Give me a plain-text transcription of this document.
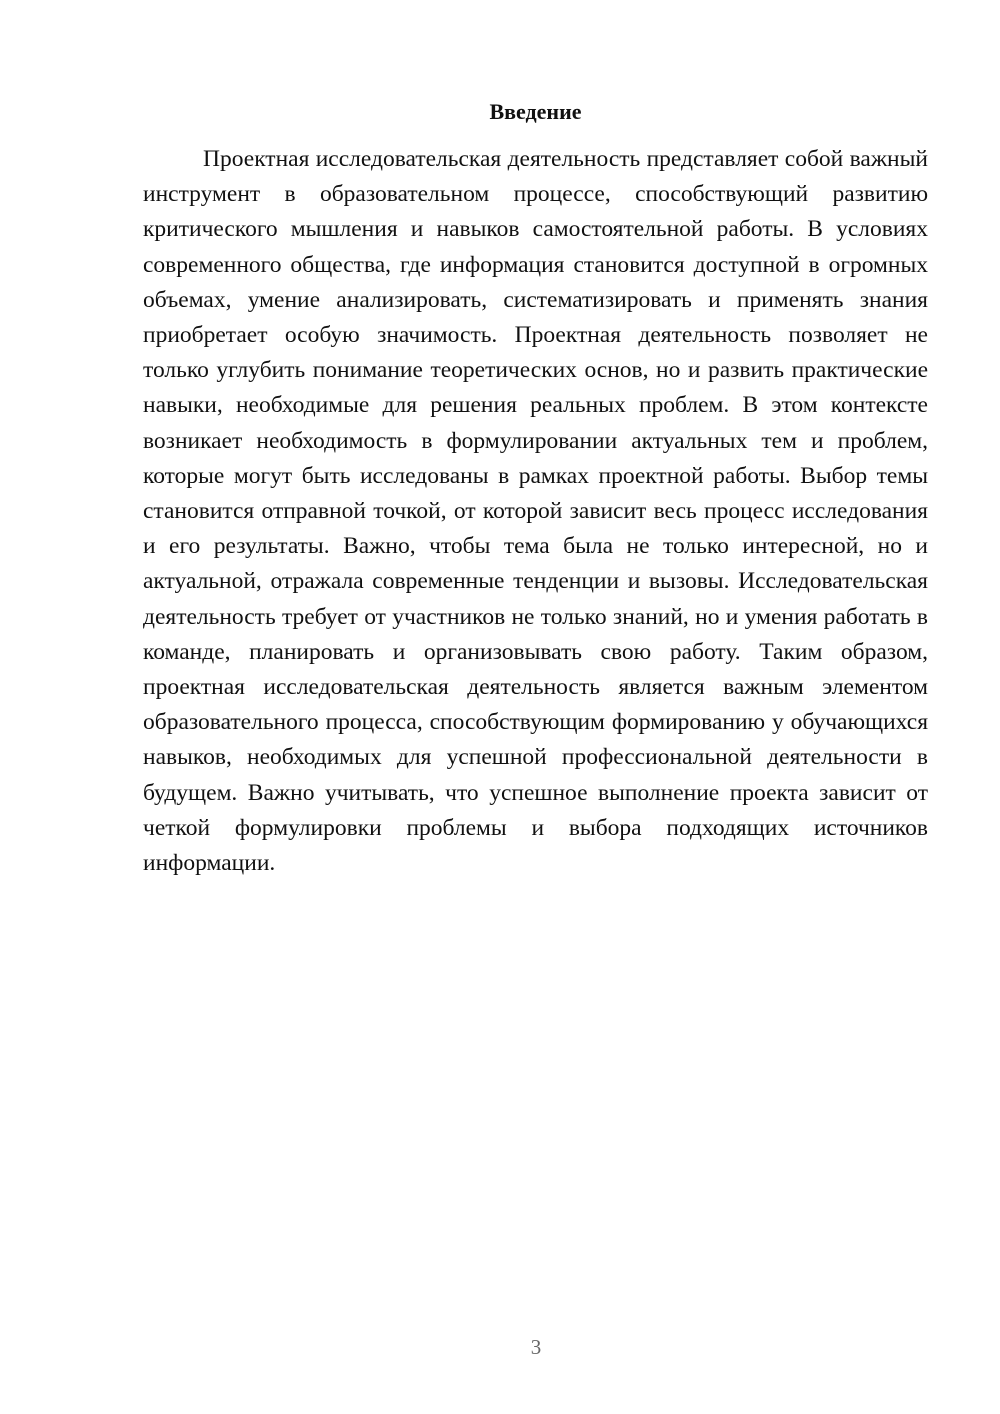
Введение

Проектная исследовательская деятельность представляет собой важный инструмент в образовательном процессе, способствующий развитию критического мышления и навыков самостоятельной работы. В условиях современного общества, где информация становится доступной в огромных объемах, умение анализировать, систематизировать и применять знания приобретает особую значимость. Проектная деятельность позволяет не только углубить понимание теоретических основ, но и развить практические навыки, необходимые для решения реальных проблем. В этом контексте возникает необходимость в формулировании актуальных тем и проблем, которые могут быть исследованы в рамках проектной работы. Выбор темы становится отправной точкой, от которой зависит весь процесс исследования и его результаты. Важно, чтобы тема была не только интересной, но и актуальной, отражала современные тенденции и вызовы. Исследовательская деятельность требует от участников не только знаний, но и умения работать в команде, планировать и организовывать свою работу. Таким образом, проектная исследовательская деятельность является важным элементом образовательного процесса, способствующим формированию у обучающихся навыков, необходимых для успешной профессиональной деятельности в будущем. Важно учитывать, что успешное выполнение проекта зависит от четкой формулировки проблемы и выбора подходящих источников информации.

3
